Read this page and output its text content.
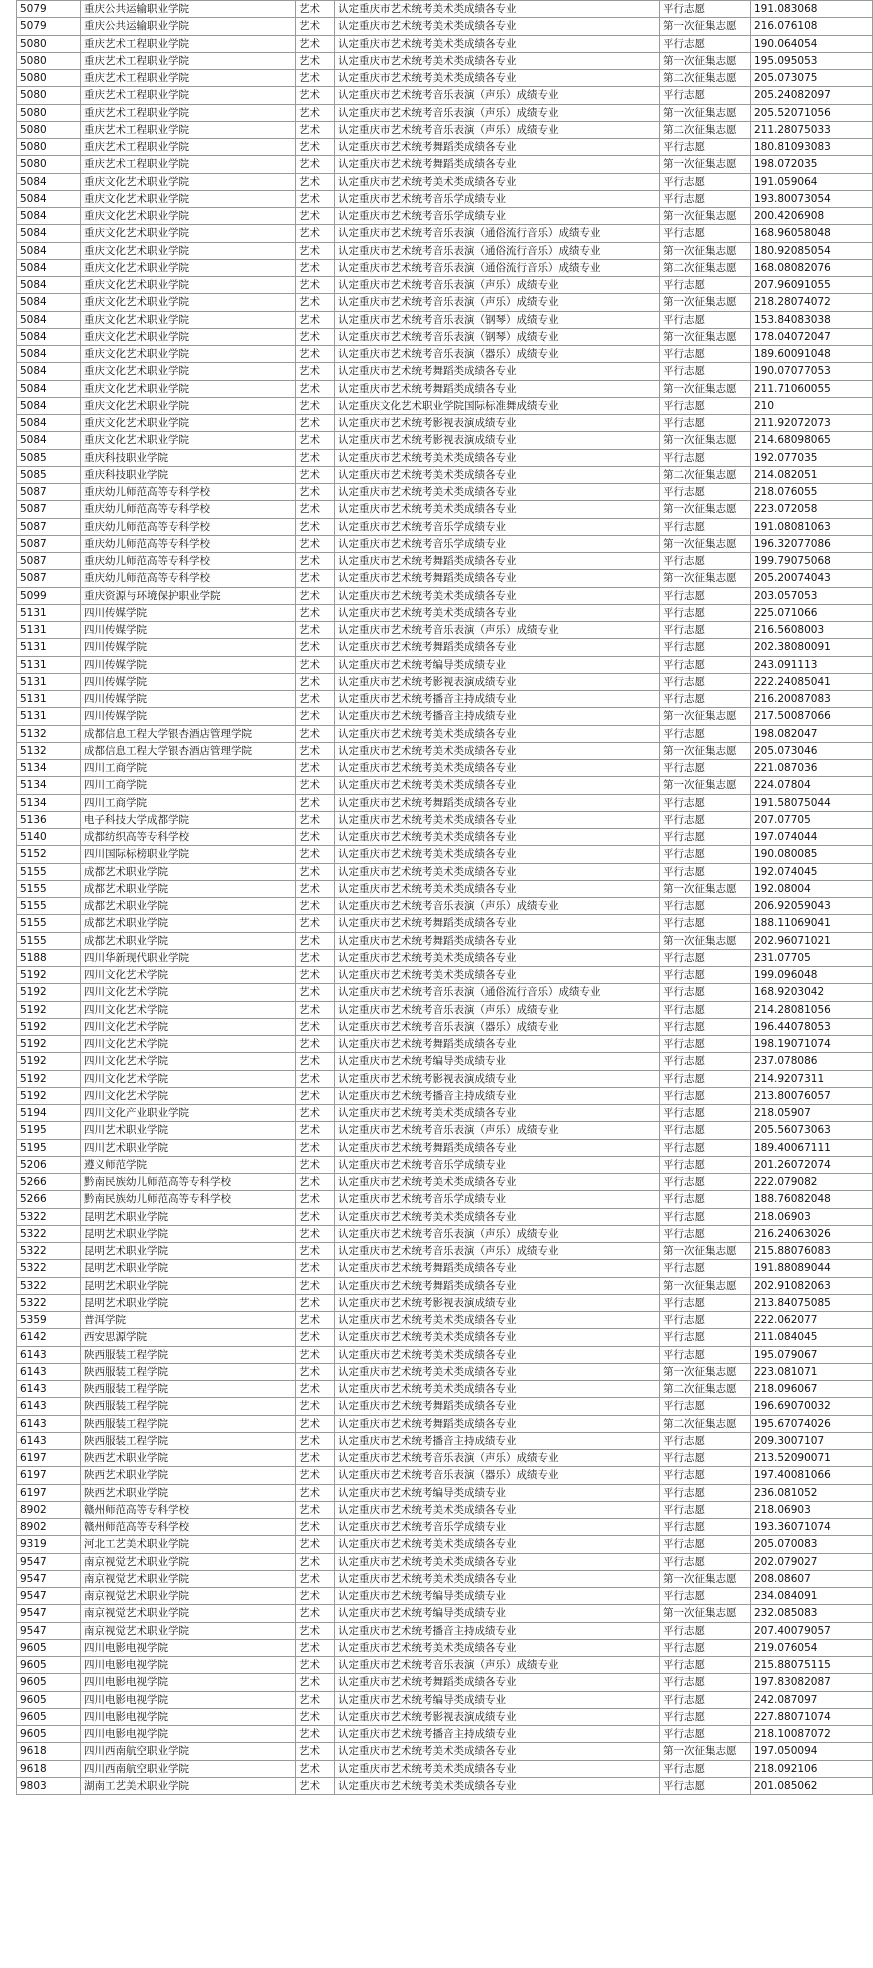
5079	重庆公共运输职业学院	艺术	认定重庆市艺术统考美术类成绩各专业	平行志愿	191.083068
5079	重庆公共运输职业学院	艺术	认定重庆市艺术统考美术类成绩各专业	第一次征集志愿	216.076108
5080	重庆艺术工程职业学院	艺术	认定重庆市艺术统考美术类成绩各专业	平行志愿	190.064054
5080	重庆艺术工程职业学院	艺术	认定重庆市艺术统考美术类成绩各专业	第一次征集志愿	195.095053
5080	重庆艺术工程职业学院	艺术	认定重庆市艺术统考美术类成绩各专业	第二次征集志愿	205.073075
5080	重庆艺术工程职业学院	艺术	认定重庆市艺术统考音乐表演（声乐）成绩专业	平行志愿	205.24082097
5080	重庆艺术工程职业学院	艺术	认定重庆市艺术统考音乐表演（声乐）成绩专业	第一次征集志愿	205.52071056
5080	重庆艺术工程职业学院	艺术	认定重庆市艺术统考音乐表演（声乐）成绩专业	第二次征集志愿	211.28075033
5080	重庆艺术工程职业学院	艺术	认定重庆市艺术统考舞蹈类成绩各专业	平行志愿	180.81093083
5080	重庆艺术工程职业学院	艺术	认定重庆市艺术统考舞蹈类成绩各专业	第一次征集志愿	198.072035
5084	重庆文化艺术职业学院	艺术	认定重庆市艺术统考美术类成绩各专业	平行志愿	191.059064
5084	重庆文化艺术职业学院	艺术	认定重庆市艺术统考音乐学成绩专业	平行志愿	193.80073054
5084	重庆文化艺术职业学院	艺术	认定重庆市艺术统考音乐学成绩专业	第一次征集志愿	200.4206908
5084	重庆文化艺术职业学院	艺术	认定重庆市艺术统考音乐表演（通俗流行音乐）成绩专业	平行志愿	168.96058048
5084	重庆文化艺术职业学院	艺术	认定重庆市艺术统考音乐表演（通俗流行音乐）成绩专业	第一次征集志愿	180.92085054
5084	重庆文化艺术职业学院	艺术	认定重庆市艺术统考音乐表演（通俗流行音乐）成绩专业	第二次征集志愿	168.08082076
5084	重庆文化艺术职业学院	艺术	认定重庆市艺术统考音乐表演（声乐）成绩专业	平行志愿	207.96091055
5084	重庆文化艺术职业学院	艺术	认定重庆市艺术统考音乐表演（声乐）成绩专业	第一次征集志愿	218.28074072
5084	重庆文化艺术职业学院	艺术	认定重庆市艺术统考音乐表演（钢琴）成绩专业	平行志愿	153.84083038
5084	重庆文化艺术职业学院	艺术	认定重庆市艺术统考音乐表演（钢琴）成绩专业	第一次征集志愿	178.04072047
5084	重庆文化艺术职业学院	艺术	认定重庆市艺术统考音乐表演（器乐）成绩专业	平行志愿	189.60091048
5084	重庆文化艺术职业学院	艺术	认定重庆市艺术统考舞蹈类成绩各专业	平行志愿	190.07077053
5084	重庆文化艺术职业学院	艺术	认定重庆市艺术统考舞蹈类成绩各专业	第一次征集志愿	211.71060055
5084	重庆文化艺术职业学院	艺术	认定重庆文化艺术职业学院国际标准舞成绩专业	平行志愿	210
5084	重庆文化艺术职业学院	艺术	认定重庆市艺术统考影视表演成绩专业	平行志愿	211.92072073
5084	重庆文化艺术职业学院	艺术	认定重庆市艺术统考影视表演成绩专业	第一次征集志愿	214.68098065
5085	重庆科技职业学院	艺术	认定重庆市艺术统考美术类成绩各专业	平行志愿	192.077035
5085	重庆科技职业学院	艺术	认定重庆市艺术统考美术类成绩各专业	第二次征集志愿	214.082051
5087	重庆幼儿师范高等专科学校	艺术	认定重庆市艺术统考美术类成绩各专业	平行志愿	218.076055
5087	重庆幼儿师范高等专科学校	艺术	认定重庆市艺术统考美术类成绩各专业	第一次征集志愿	223.072058
5087	重庆幼儿师范高等专科学校	艺术	认定重庆市艺术统考音乐学成绩专业	平行志愿	191.08081063
5087	重庆幼儿师范高等专科学校	艺术	认定重庆市艺术统考音乐学成绩专业	第一次征集志愿	196.32077086
5087	重庆幼儿师范高等专科学校	艺术	认定重庆市艺术统考舞蹈类成绩各专业	平行志愿	199.79075068
5087	重庆幼儿师范高等专科学校	艺术	认定重庆市艺术统考舞蹈类成绩各专业	第一次征集志愿	205.20074043
5099	重庆资源与环境保护职业学院	艺术	认定重庆市艺术统考美术类成绩各专业	平行志愿	203.057053
5131	四川传媒学院	艺术	认定重庆市艺术统考美术类成绩各专业	平行志愿	225.071066
5131	四川传媒学院	艺术	认定重庆市艺术统考音乐表演（声乐）成绩专业	平行志愿	216.5608003
5131	四川传媒学院	艺术	认定重庆市艺术统考舞蹈类成绩各专业	平行志愿	202.38080091
5131	四川传媒学院	艺术	认定重庆市艺术统考编导类成绩专业	平行志愿	243.091113
5131	四川传媒学院	艺术	认定重庆市艺术统考影视表演成绩专业	平行志愿	222.24085041
5131	四川传媒学院	艺术	认定重庆市艺术统考播音主持成绩专业	平行志愿	216.20087083
5131	四川传媒学院	艺术	认定重庆市艺术统考播音主持成绩专业	第一次征集志愿	217.50087066
5132	成都信息工程大学银杏酒店管理学院	艺术	认定重庆市艺术统考美术类成绩各专业	平行志愿	198.082047
5132	成都信息工程大学银杏酒店管理学院	艺术	认定重庆市艺术统考美术类成绩各专业	第一次征集志愿	205.073046
5134	四川工商学院	艺术	认定重庆市艺术统考美术类成绩各专业	平行志愿	221.087036
5134	四川工商学院	艺术	认定重庆市艺术统考美术类成绩各专业	第一次征集志愿	224.07804
5134	四川工商学院	艺术	认定重庆市艺术统考舞蹈类成绩各专业	平行志愿	191.58075044
5136	电子科技大学成都学院	艺术	认定重庆市艺术统考美术类成绩各专业	平行志愿	207.07705
5140	成都纺织高等专科学校	艺术	认定重庆市艺术统考美术类成绩各专业	平行志愿	197.074044
5152	四川国际标榜职业学院	艺术	认定重庆市艺术统考美术类成绩各专业	平行志愿	190.080085
5155	成都艺术职业学院	艺术	认定重庆市艺术统考美术类成绩各专业	平行志愿	192.074045
5155	成都艺术职业学院	艺术	认定重庆市艺术统考美术类成绩各专业	第一次征集志愿	192.08004
5155	成都艺术职业学院	艺术	认定重庆市艺术统考音乐表演（声乐）成绩专业	平行志愿	206.92059043
5155	成都艺术职业学院	艺术	认定重庆市艺术统考舞蹈类成绩各专业	平行志愿	188.11069041
5155	成都艺术职业学院	艺术	认定重庆市艺术统考舞蹈类成绩各专业	第一次征集志愿	202.96071021
5188	四川华新现代职业学院	艺术	认定重庆市艺术统考美术类成绩各专业	平行志愿	231.07705
5192	四川文化艺术学院	艺术	认定重庆市艺术统考美术类成绩各专业	平行志愿	199.096048
5192	四川文化艺术学院	艺术	认定重庆市艺术统考音乐表演（通俗流行音乐）成绩专业	平行志愿	168.9203042
5192	四川文化艺术学院	艺术	认定重庆市艺术统考音乐表演（声乐）成绩专业	平行志愿	214.28081056
5192	四川文化艺术学院	艺术	认定重庆市艺术统考音乐表演（器乐）成绩专业	平行志愿	196.44078053
5192	四川文化艺术学院	艺术	认定重庆市艺术统考舞蹈类成绩各专业	平行志愿	198.19071074
5192	四川文化艺术学院	艺术	认定重庆市艺术统考编导类成绩专业	平行志愿	237.078086
5192	四川文化艺术学院	艺术	认定重庆市艺术统考影视表演成绩专业	平行志愿	214.9207311
5192	四川文化艺术学院	艺术	认定重庆市艺术统考播音主持成绩专业	平行志愿	213.80076057
5194	四川文化产业职业学院	艺术	认定重庆市艺术统考美术类成绩各专业	平行志愿	218.05907
5195	四川艺术职业学院	艺术	认定重庆市艺术统考音乐表演（声乐）成绩专业	平行志愿	205.56073063
5195	四川艺术职业学院	艺术	认定重庆市艺术统考舞蹈类成绩各专业	平行志愿	189.40067111
5206	遵义师范学院	艺术	认定重庆市艺术统考音乐学成绩专业	平行志愿	201.26072074
5266	黔南民族幼儿师范高等专科学校	艺术	认定重庆市艺术统考美术类成绩各专业	平行志愿	222.079082
5266	黔南民族幼儿师范高等专科学校	艺术	认定重庆市艺术统考音乐学成绩专业	平行志愿	188.76082048
5322	昆明艺术职业学院	艺术	认定重庆市艺术统考美术类成绩各专业	平行志愿	218.06903
5322	昆明艺术职业学院	艺术	认定重庆市艺术统考音乐表演（声乐）成绩专业	平行志愿	216.24063026
5322	昆明艺术职业学院	艺术	认定重庆市艺术统考音乐表演（声乐）成绩专业	第一次征集志愿	215.88076083
5322	昆明艺术职业学院	艺术	认定重庆市艺术统考舞蹈类成绩各专业	平行志愿	191.88089044
5322	昆明艺术职业学院	艺术	认定重庆市艺术统考舞蹈类成绩各专业	第一次征集志愿	202.91082063
5322	昆明艺术职业学院	艺术	认定重庆市艺术统考影视表演成绩专业	平行志愿	213.84075085
5359	普洱学院	艺术	认定重庆市艺术统考美术类成绩各专业	平行志愿	222.062077
6142	西安思源学院	艺术	认定重庆市艺术统考美术类成绩各专业	平行志愿	211.084045
6143	陕西服装工程学院	艺术	认定重庆市艺术统考美术类成绩各专业	平行志愿	195.079067
6143	陕西服装工程学院	艺术	认定重庆市艺术统考美术类成绩各专业	第一次征集志愿	223.081071
6143	陕西服装工程学院	艺术	认定重庆市艺术统考美术类成绩各专业	第二次征集志愿	218.096067
6143	陕西服装工程学院	艺术	认定重庆市艺术统考舞蹈类成绩各专业	平行志愿	196.69070032
6143	陕西服装工程学院	艺术	认定重庆市艺术统考舞蹈类成绩各专业	第二次征集志愿	195.67074026
6143	陕西服装工程学院	艺术	认定重庆市艺术统考播音主持成绩专业	平行志愿	209.3007107
6197	陕西艺术职业学院	艺术	认定重庆市艺术统考音乐表演（声乐）成绩专业	平行志愿	213.52090071
6197	陕西艺术职业学院	艺术	认定重庆市艺术统考音乐表演（器乐）成绩专业	平行志愿	197.40081066
6197	陕西艺术职业学院	艺术	认定重庆市艺术统考编导类成绩专业	平行志愿	236.081052
8902	赣州师范高等专科学校	艺术	认定重庆市艺术统考美术类成绩各专业	平行志愿	218.06903
8902	赣州师范高等专科学校	艺术	认定重庆市艺术统考音乐学成绩专业	平行志愿	193.36071074
9319	河北工艺美术职业学院	艺术	认定重庆市艺术统考美术类成绩各专业	平行志愿	205.070083
9547	南京视觉艺术职业学院	艺术	认定重庆市艺术统考美术类成绩各专业	平行志愿	202.079027
9547	南京视觉艺术职业学院	艺术	认定重庆市艺术统考美术类成绩各专业	第一次征集志愿	208.08607
9547	南京视觉艺术职业学院	艺术	认定重庆市艺术统考编导类成绩专业	平行志愿	234.084091
9547	南京视觉艺术职业学院	艺术	认定重庆市艺术统考编导类成绩专业	第一次征集志愿	232.085083
9547	南京视觉艺术职业学院	艺术	认定重庆市艺术统考播音主持成绩专业	平行志愿	207.40079057
9605	四川电影电视学院	艺术	认定重庆市艺术统考美术类成绩各专业	平行志愿	219.076054
9605	四川电影电视学院	艺术	认定重庆市艺术统考音乐表演（声乐）成绩专业	平行志愿	215.88075115
9605	四川电影电视学院	艺术	认定重庆市艺术统考舞蹈类成绩各专业	平行志愿	197.83082087
9605	四川电影电视学院	艺术	认定重庆市艺术统考编导类成绩专业	平行志愿	242.087097
9605	四川电影电视学院	艺术	认定重庆市艺术统考影视表演成绩专业	平行志愿	227.88071074
9605	四川电影电视学院	艺术	认定重庆市艺术统考播音主持成绩专业	平行志愿	218.10087072
9618	四川西南航空职业学院	艺术	认定重庆市艺术统考美术类成绩各专业	第一次征集志愿	197.050094
9618	四川西南航空职业学院	艺术	认定重庆市艺术统考美术类成绩各专业	平行志愿	218.092106
9803	湖南工艺美术职业学院	艺术	认定重庆市艺术统考美术类成绩各专业	平行志愿	201.085062
